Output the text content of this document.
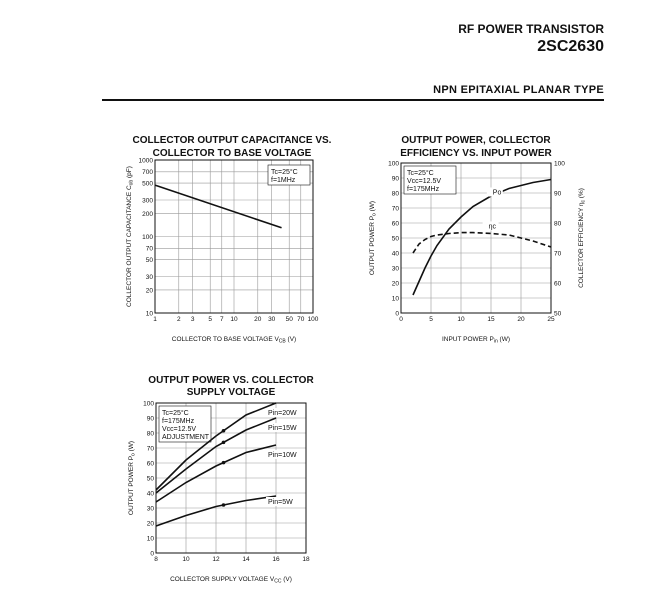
RF POWER TRANSISTOR
2SC2630
NPN EPITAXIAL PLANAR TYPE
COLLECTOR OUTPUT CAPACITANCE VS.
COLLECTOR TO BASE VOLTAGE
1	2 3 5 7 10	20 30 50 70 100
10
20
30
50
70
100
200
300
500
700
1000
COLLECTOR TO BASE VOLTAGE $V_{CB}$ (V)
COLLECTOR OUTPUT CAPACITANCE $C_{ob}$ (pF)	Tc=25°C
f=1MHz
OUTPUT POWER, COLLECTOR
EFFICIENCY VS. INPUT POWER
0	5	10	15	20	25
0
10
20
30
40
50
60
70
80
90
100
50
60
70
80
90
100
INPUT POWER $P_{in}$ (W)
OUTPUT POWER $P_o$ (W)	COLLECTOR EFFICIENCY $\eta_c$ (%)
Tc=25°C
Vcc=12.5V
f=175MHz	Po
ηc
OUTPUT POWER VS. COLLECTOR
SUPPLY VOLTAGE
8	10	12	14	16	18
0
10
20
30
40
50
60
70
80
90
100
COLLECTOR SUPPLY VOLTAGE $V_{CC}$ (V)
OUTPUT POWER $P_o$ (W)
Tc=25°C
f=175MHz
Vcc=12.5V
ADJUSTMENT
Pin=20W
Pin=15W
Pin=10W
Pin=5W
